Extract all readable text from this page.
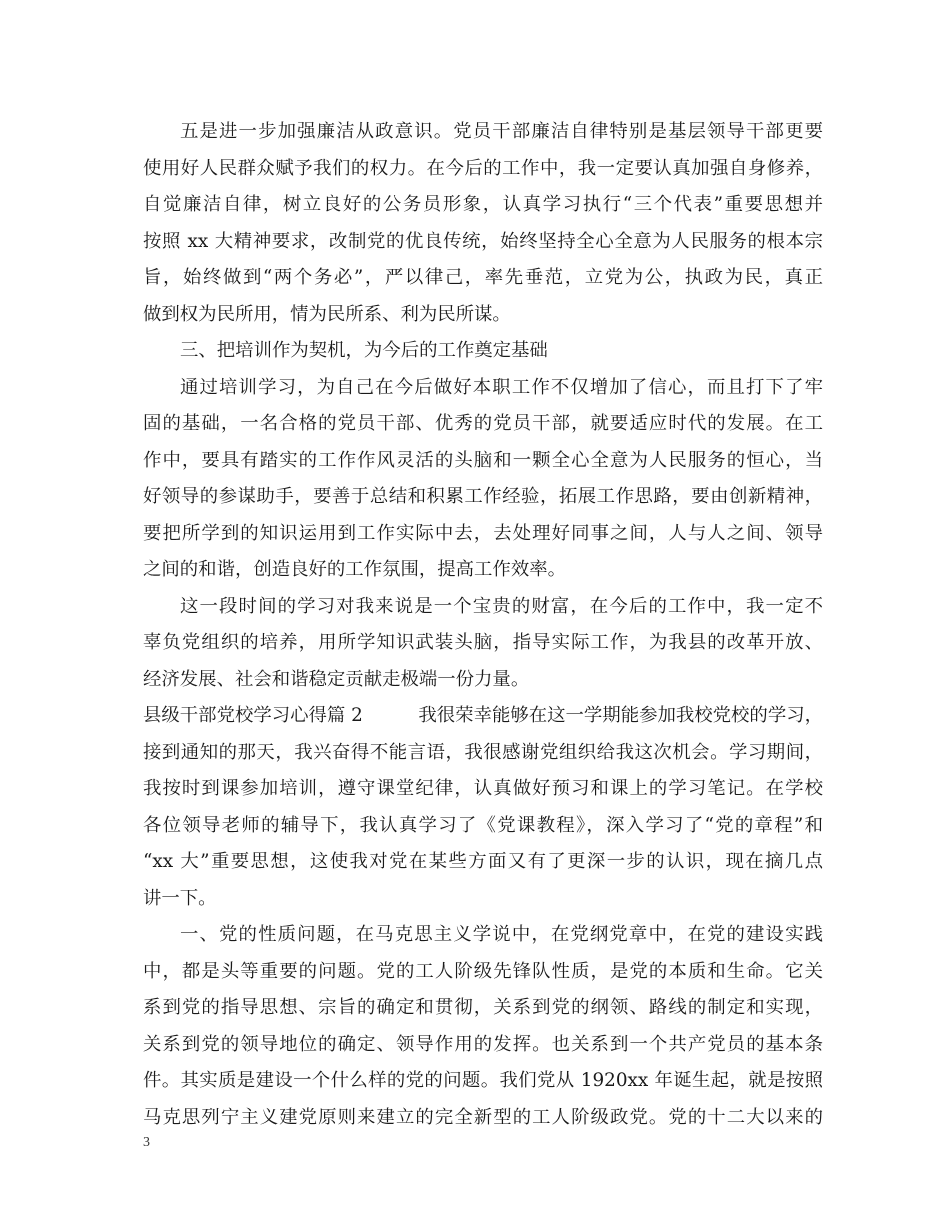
五是进一步加强廉洁从政意识。党员干部廉洁自律特别是基层领导干部更要
使用好人民群众赋予我们的权力。在今后的工作中，我一定要认真加强自身修养，
自觉廉洁自律，树立良好的公务员形象，认真学习执行“三个代表”重要思想并
按照 xx 大精神要求，改制党的优良传统，始终坚持全心全意为人民服务的根本宗
旨，始终做到“两个务必”，严以律己，率先垂范，立党为公，执政为民，真正
做到权为民所用，情为民所系、利为民所谋。
三、把培训作为契机，为今后的工作奠定基础
通过培训学习，为自己在今后做好本职工作不仅增加了信心，而且打下了牢
固的基础，一名合格的党员干部、优秀的党员干部，就要适应时代的发展。在工
作中，要具有踏实的工作作风灵活的头脑和一颗全心全意为人民服务的恒心，当
好领导的参谋助手，要善于总结和积累工作经验，拓展工作思路，要由创新精神，
要把所学到的知识运用到工作实际中去，去处理好同事之间，人与人之间、领导
之间的和谐，创造良好的工作氛围，提高工作效率。
这一段时间的学习对我来说是一个宝贵的财富，在今后的工作中，我一定不
辜负党组织的培养，用所学知识武装头脑，指导实际工作，为我县的改革开放、
经济发展、社会和谐稳定贡献走极端一份力量。
县级干部党校学习心得篇 2	我很荣幸能够在这一学期能参加我校党校的学习，
接到通知的那天，我兴奋得不能言语，我很感谢党组织给我这次机会。学习期间，
我按时到课参加培训，遵守课堂纪律，认真做好预习和课上的学习笔记。在学校
各位领导老师的辅导下，我认真学习了《党课教程》，深入学习了“党的章程”和
“xx 大”重要思想，这使我对党在某些方面又有了更深一步的认识，现在摘几点
讲一下。
一、党的性质问题，在马克思主义学说中，在党纲党章中，在党的建设实践
中，都是头等重要的问题。党的工人阶级先锋队性质，是党的本质和生命。它关
系到党的指导思想、宗旨的确定和贯彻，关系到党的纲领、路线的制定和实现，
关系到党的领导地位的确定、领导作用的发挥。也关系到一个共产党员的基本条
件。其实质是建设一个什么样的党的问题。我们党从 1920xx 年诞生起，就是按照
马克思列宁主义建党原则来建立的完全新型的工人阶级政党。党的十二大以来的
3
